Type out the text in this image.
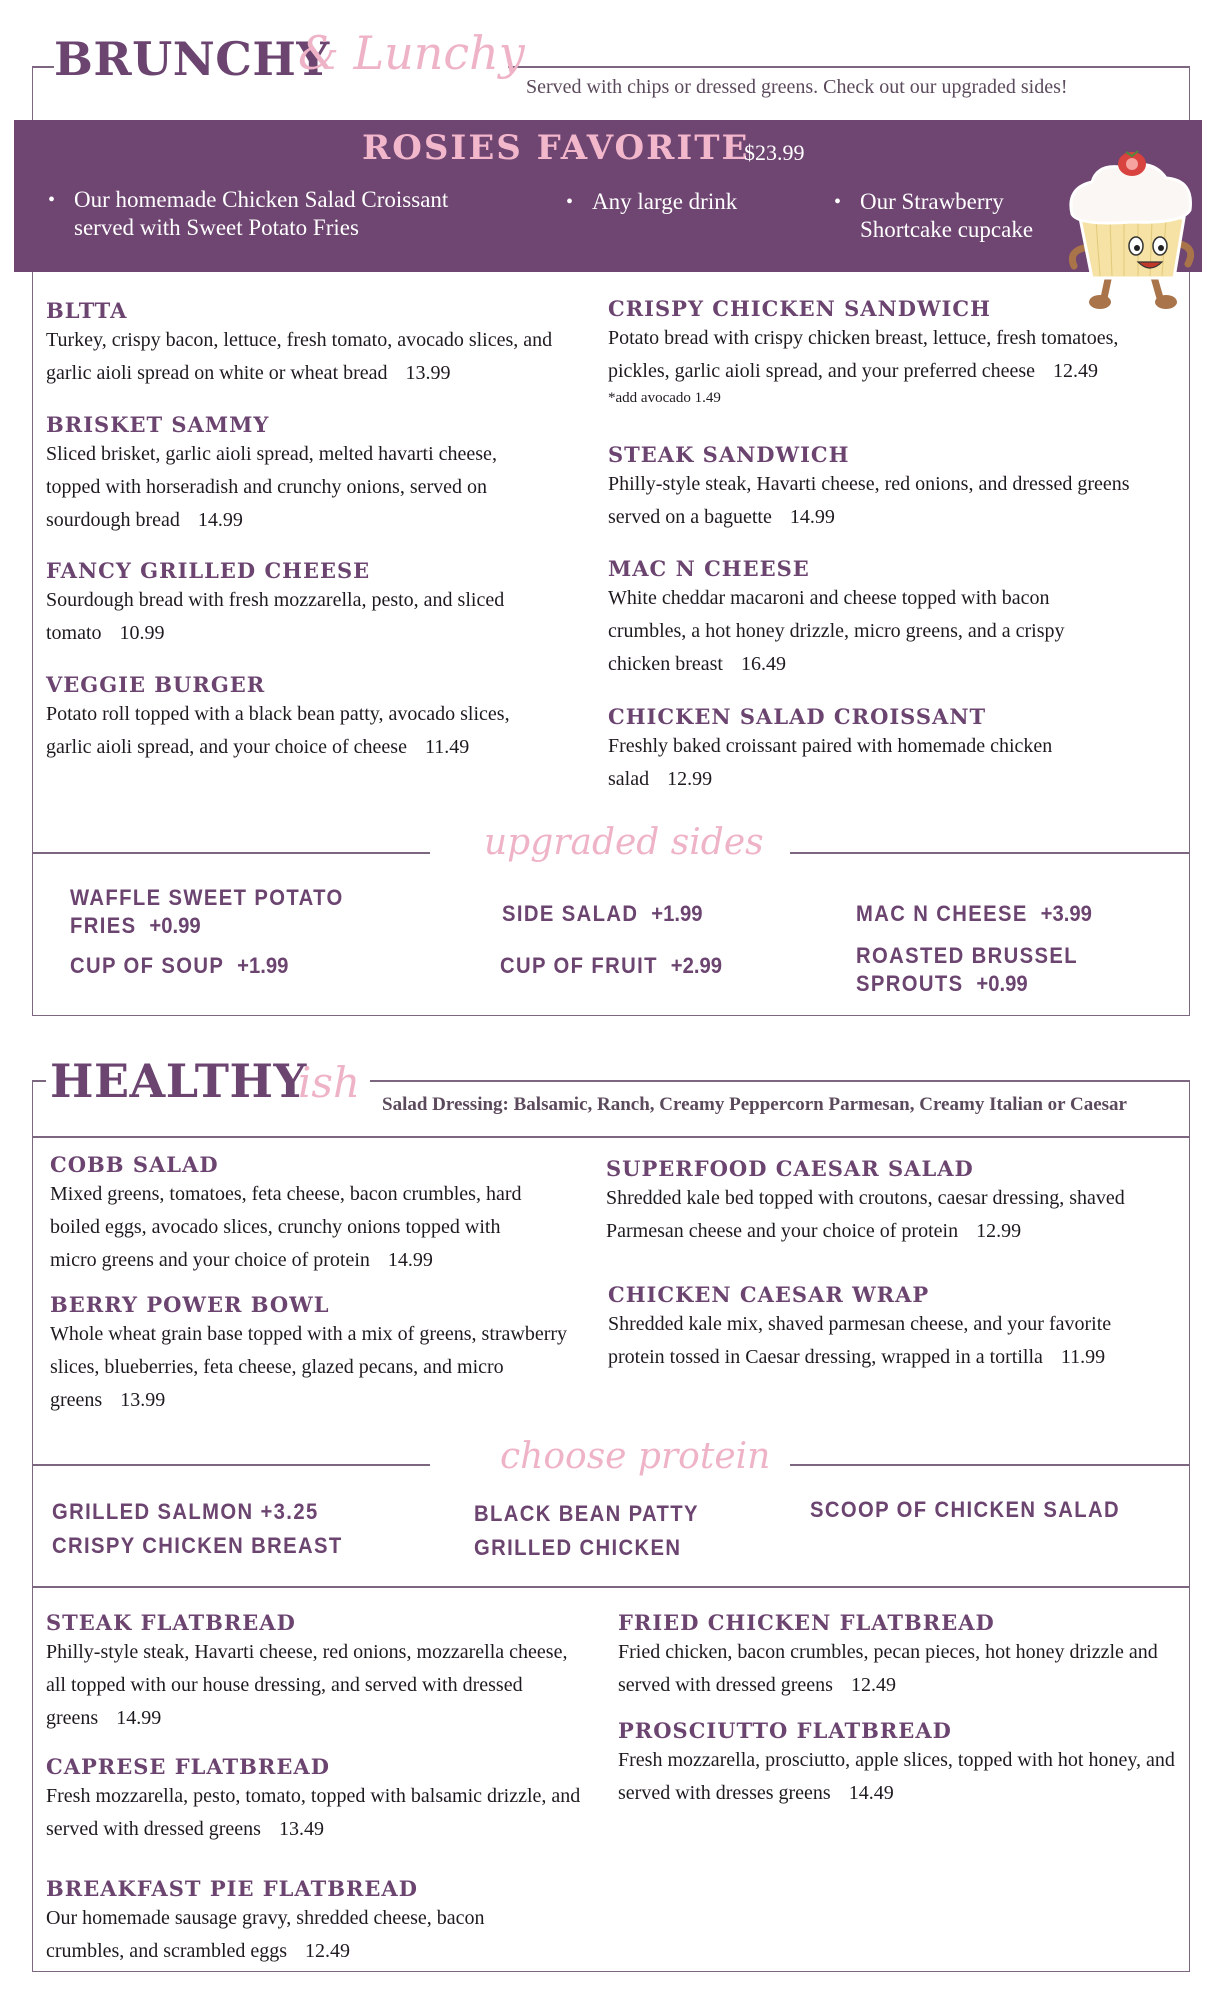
BRUNCHY
& Lunchy
Served with chips or dressed greens. Check out our upgraded sides!
ROSIES FAVORITE
$23.99
• Our homemade Chicken Salad Croissant served with Sweet Potato Fries
• Any large drink	• Our Strawberry Shortcake cupcake
BLTTA
Turkey, crispy bacon, lettuce, fresh tomato, avocado slices, and garlic aioli spread on white or wheat bread 13.99
BRISKET SAMMY
Sliced brisket, garlic aioli spread, melted havarti cheese, topped with horseradish and crunchy onions, served on sourdough bread 14.99
FANCY GRILLED CHEESE
Sourdough bread with fresh mozzarella, pesto, and sliced tomato 10.99
VEGGIE BURGER
Potato roll topped with a black bean patty, avocado slices, garlic aioli spread, and your choice of cheese 11.49
CRISPY CHICKEN SANDWICH
Potato bread with crispy chicken breast, lettuce, fresh tomatoes, pickles, garlic aioli spread, and your preferred cheese 12.49
*add avocado 1.49
STEAK SANDWICH
Philly-style steak, Havarti cheese, red onions, and dressed greens served on a baguette 14.99
MAC N CHEESE
White cheddar macaroni and cheese topped with bacon crumbles, a hot honey drizzle, micro greens, and a crispy chicken breast 16.49
CHICKEN SALAD CROISSANT
Freshly baked croissant paired with homemade chicken salad 12.99
upgraded sides
WAFFLE SWEET POTATO FRIES +0.99
CUP OF SOUP +1.99
SIDE SALAD +1.99
CUP OF FRUIT +2.99
MAC N CHEESE +3.99
ROASTED BRUSSEL SPROUTS +0.99
HEALTHY
ish Salad Dressing: Balsamic, Ranch, Creamy Peppercorn Parmesan, Creamy Italian or Caesar
COBB SALAD
Mixed greens, tomatoes, feta cheese, bacon crumbles, hard boiled eggs, avocado slices, crunchy onions topped with micro greens and your choice of protein 14.99
BERRY POWER BOWL
Whole wheat grain base topped with a mix of greens, strawberry slices, blueberries, feta cheese, glazed pecans, and micro greens 13.99
SUPERFOOD CAESAR SALAD
Shredded kale bed topped with croutons, caesar dressing, shaved Parmesan cheese and your choice of protein 12.99
CHICKEN CAESAR WRAP
Shredded kale mix, shaved parmesan cheese, and your favorite protein tossed in Caesar dressing, wrapped in a tortilla 11.99
choose protein
GRILLED SALMON +3.25
CRISPY CHICKEN BREAST
BLACK BEAN PATTY
GRILLED CHICKEN
SCOOP OF CHICKEN SALAD
STEAK FLATBREAD
Philly-style steak, Havarti cheese, red onions, mozzarella cheese, all topped with our house dressing, and served with dressed greens 14.99
CAPRESE FLATBREAD
Fresh mozzarella, pesto, tomato, topped with balsamic drizzle, and served with dressed greens 13.49
BREAKFAST PIE FLATBREAD
Our homemade sausage gravy, shredded cheese, bacon crumbles, and scrambled eggs 12.49
FRIED CHICKEN FLATBREAD
Fried chicken, bacon crumbles, pecan pieces, hot honey drizzle and served with dressed greens 12.49
PROSCIUTTO FLATBREAD
Fresh mozzarella, prosciutto, apple slices, topped with hot honey, and served with dresses greens 14.49
